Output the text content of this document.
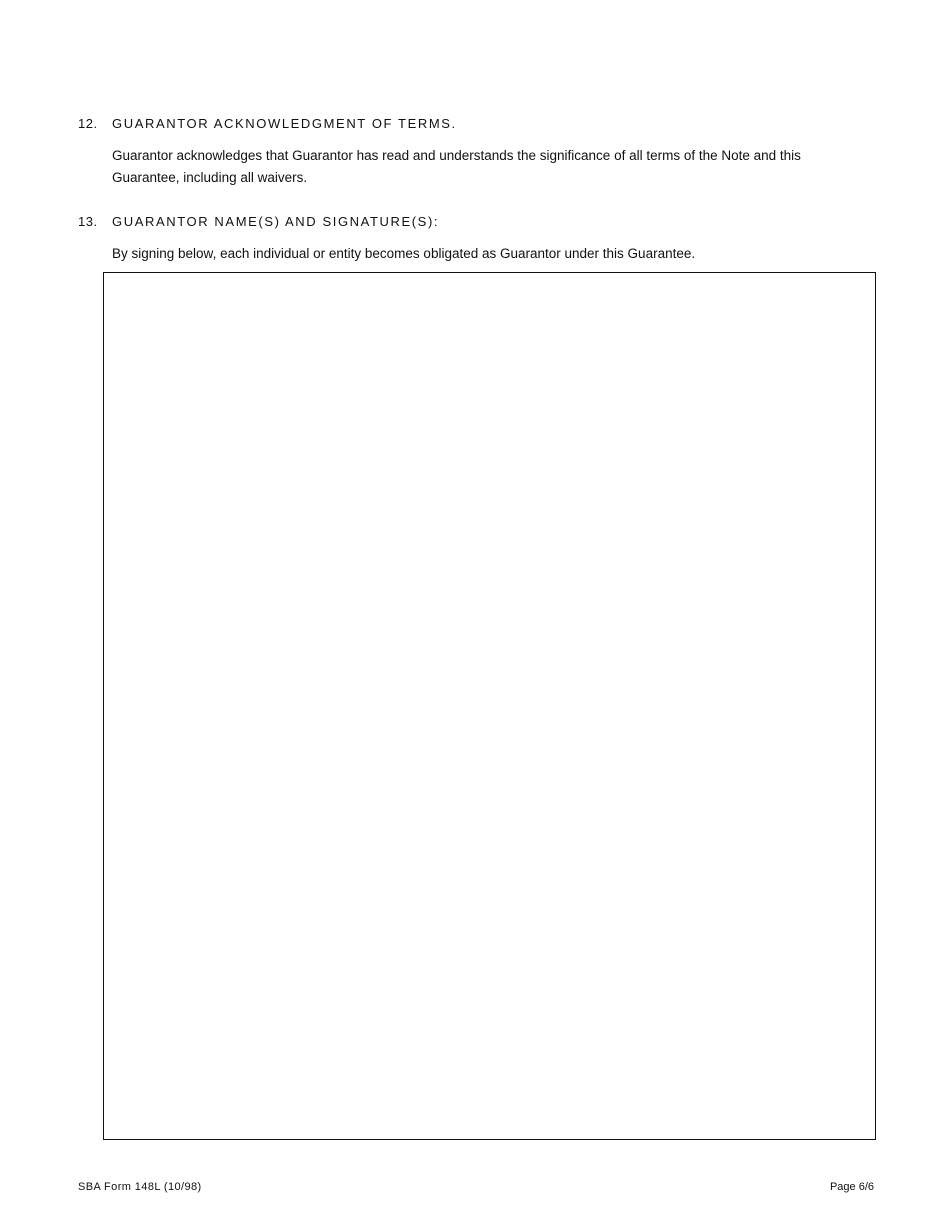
12.	GUARANTOR ACKNOWLEDGMENT OF TERMS.
Guarantor acknowledges that Guarantor has read and understands the significance of all terms of the Note and this Guarantee, including all waivers.
13.	GUARANTOR NAME(S) AND SIGNATURE(S):
By signing below, each individual or entity becomes obligated as Guarantor under this Guarantee.
SBA Form 148L (10/98)	Page 6/6
